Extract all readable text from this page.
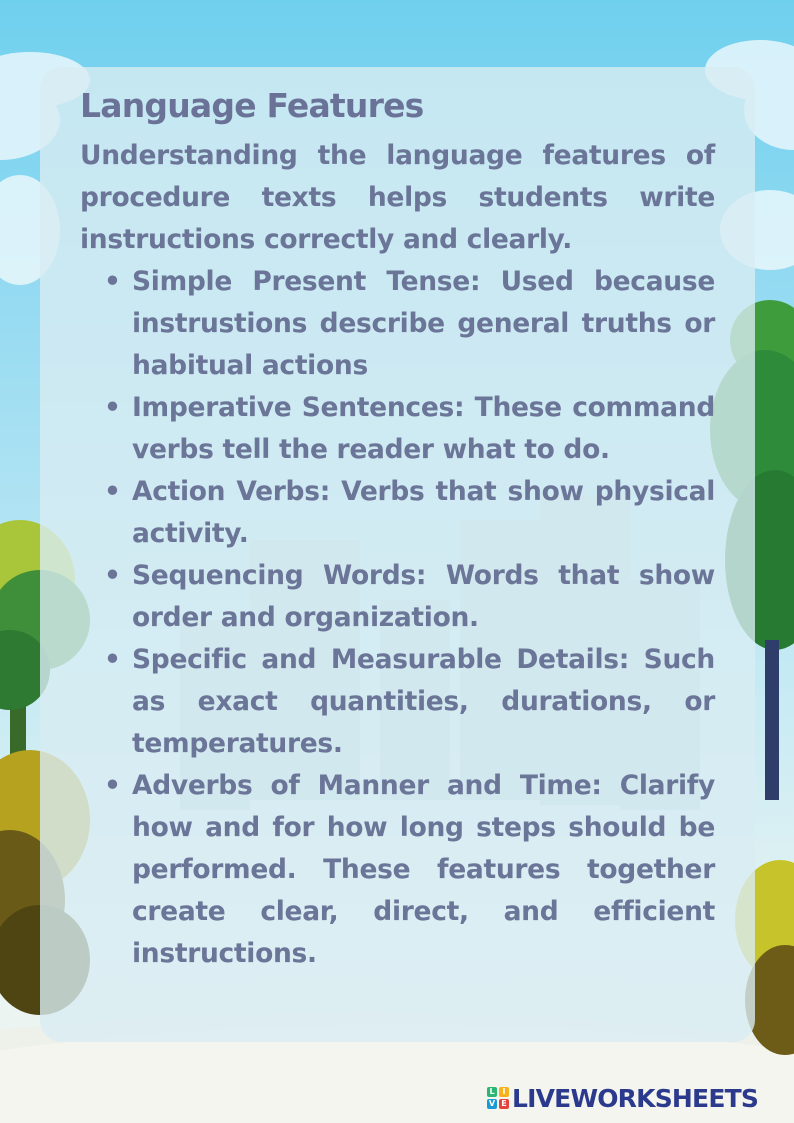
Language Features

Understanding the language features of procedure texts helps students write instructions correctly and clearly.

• Simple Present Tense: Used because instrustions describe general truths or habitual actions
• Imperative Sentences: These command verbs tell the reader what to do.
• Action Verbs: Verbs that show physical activity.
• Sequencing Words: Words that show order and organization.
• Specific and Measurable Details: Such as exact quantities, durations, or temperatures.
• Adverbs of Manner and Time: Clarify how and for how long steps should be performed. These features together create clear, direct, and efficient instructions.
L I
V E LIVEWORKSHEETS
